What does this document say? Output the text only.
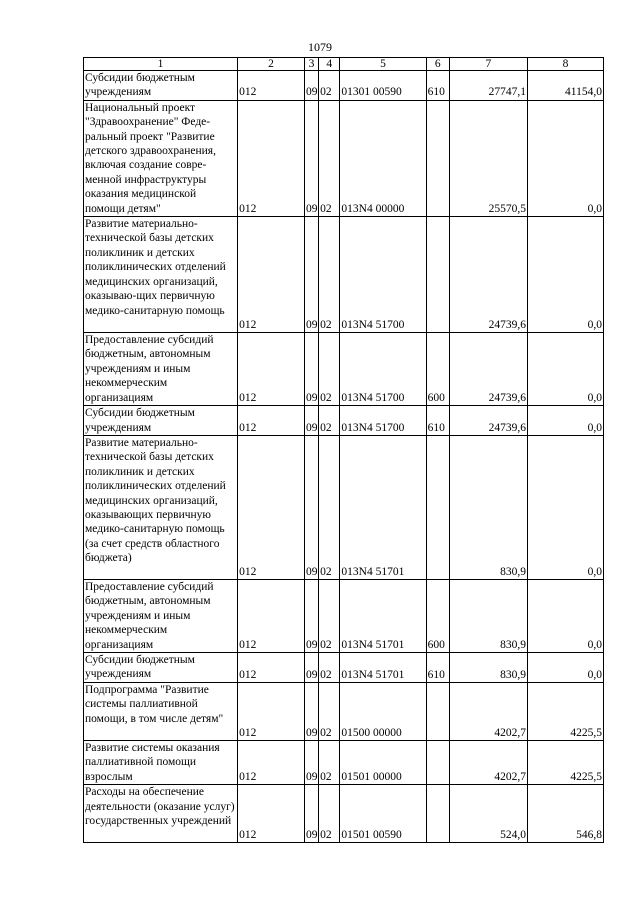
1079
1	2	3	4	5	6	7	8
Субсидии бюджетным учреждениям	012	09	02	01301 00590	610	27747,1	41154,0
Национальный проект "Здравоохранение" Феде-ральный проект "Развитие детского здравоохранения, включая создание совре-менной инфраструктуры оказания медицинской помощи детям"	012	09	02	013N4 00000		25570,5	0,0
Развитие материально-технической базы детских поликлиник и детских поликлинических отделений медицинских организаций, оказываю-щих первичную медико-санитарную помощь	012	09	02	013N4 51700		24739,6	0,0
Предоставление субсидий бюджетным, автономным учреждениям и иным некоммерческим организациям	012	09	02	013N4 51700	600	24739,6	0,0
Субсидии бюджетным учреждениям	012	09	02	013N4 51700	610	24739,6	0,0
Развитие материально-технической базы детских поликлиник и детских поликлинических отделений медицинских организаций, оказывающих первичную медико-санитарную помощь (за счет средств областного бюджета)	012	09	02	013N4 51701		830,9	0,0
Предоставление субсидий бюджетным, автономным учреждениям и иным некоммерческим организациям	012	09	02	013N4 51701	600	830,9	0,0
Субсидии бюджетным учреждениям	012	09	02	013N4 51701	610	830,9	0,0
Подпрограмма "Развитие системы паллиативной помощи, в том числе детям"	012	09	02	01500 00000		4202,7	4225,5
Развитие системы оказания паллиативной помощи взрослым	012	09	02	01501 00000		4202,7	4225,5
Расходы на обеспечение деятельности (оказание услуг) государственных учреждений	012	09	02	01501 00590		524,0	546,8
